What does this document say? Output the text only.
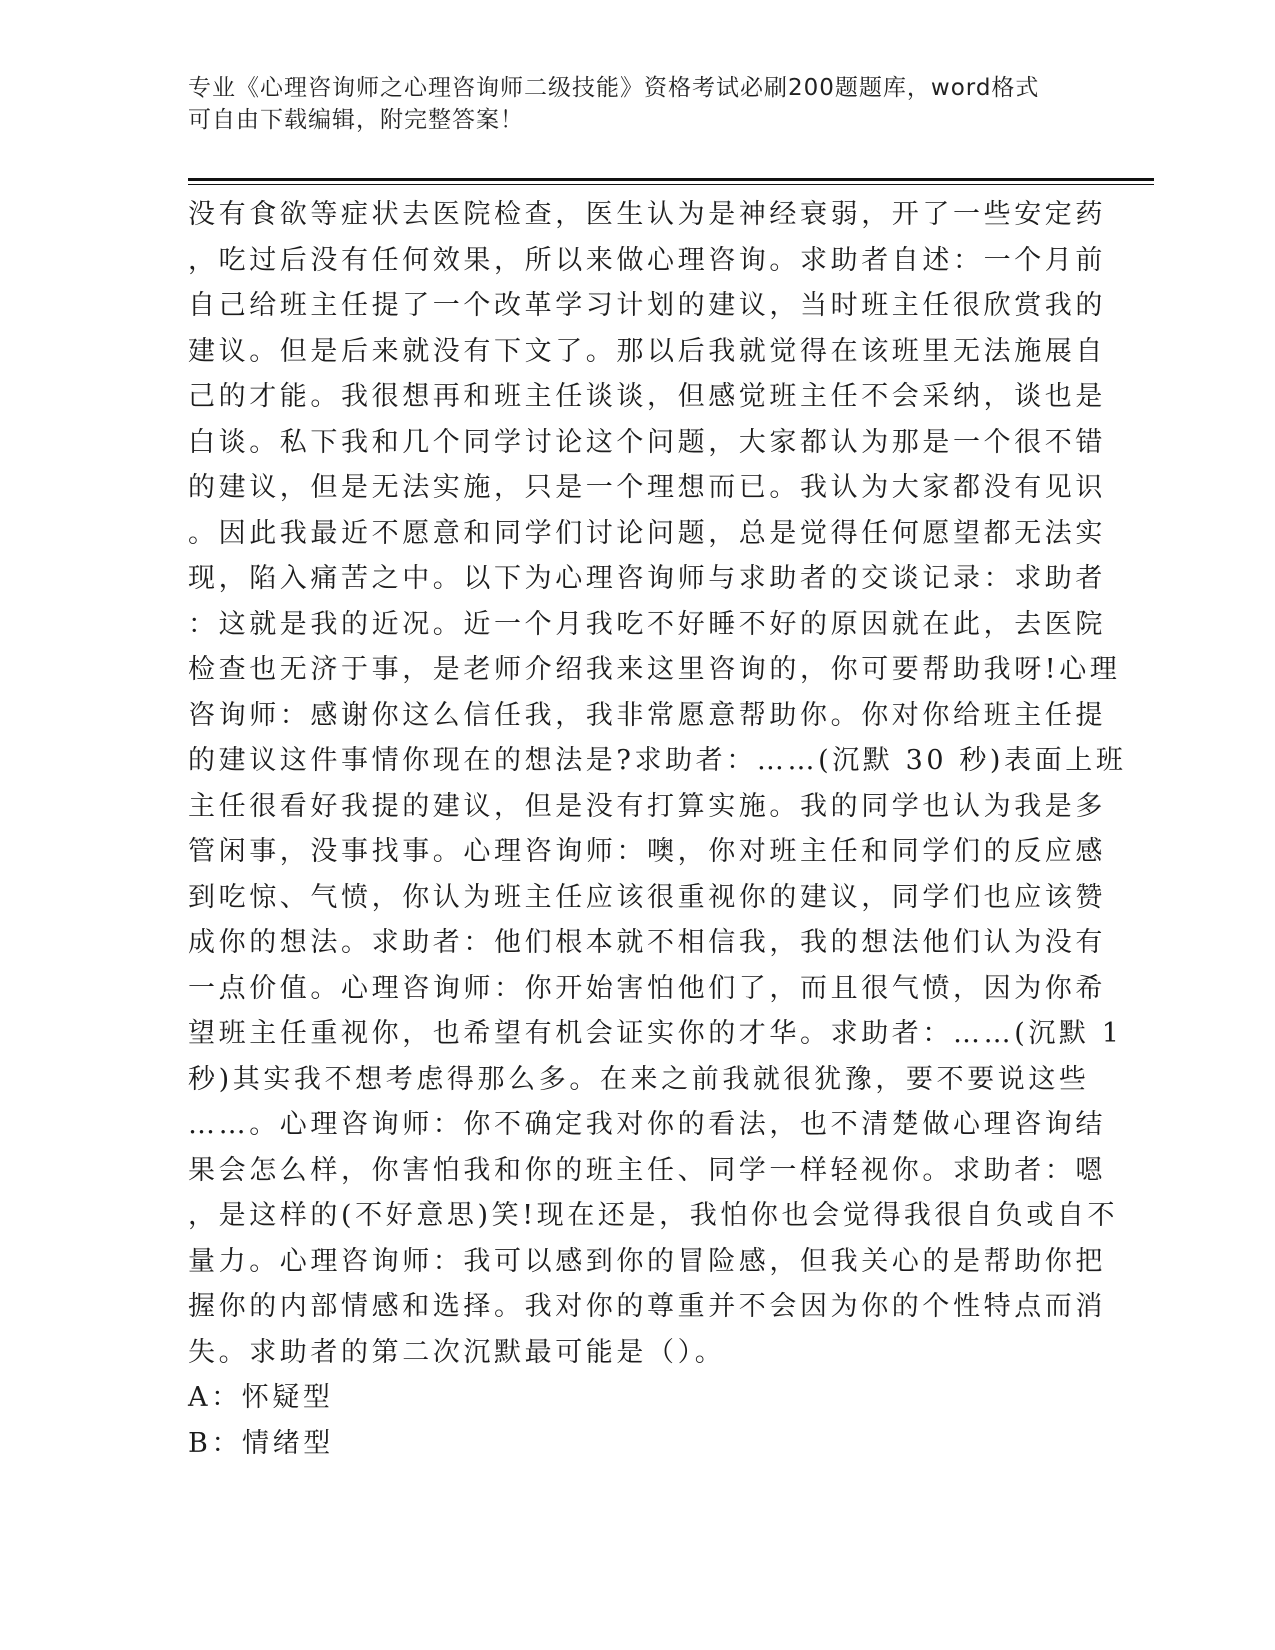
专业《心理咨询师之心理咨询师二级技能》资格考试必刷200题题库，word格式
可自由下载编辑，附完整答案！
没有食欲等症状去医院检查，医生认为是神经衰弱，开了一些安定药
，吃过后没有任何效果，所以来做心理咨询。求助者自述：一个月前
自己给班主任提了一个改革学习计划的建议，当时班主任很欣赏我的
建议。但是后来就没有下文了。那以后我就觉得在该班里无法施展自
己的才能。我很想再和班主任谈谈，但感觉班主任不会采纳，谈也是
白谈。私下我和几个同学讨论这个问题，大家都认为那是一个很不错
的建议，但是无法实施，只是一个理想而已。我认为大家都没有见识
。因此我最近不愿意和同学们讨论问题，总是觉得任何愿望都无法实
现，陷入痛苦之中。以下为心理咨询师与求助者的交谈记录：求助者
：这就是我的近况。近一个月我吃不好睡不好的原因就在此，去医院
检查也无济于事，是老师介绍我来这里咨询的，你可要帮助我呀!心理
咨询师：感谢你这么信任我，我非常愿意帮助你。你对你给班主任提
的建议这件事情你现在的想法是?求助者：……(沉默 30 秒)表面上班
主任很看好我提的建议，但是没有打算实施。我的同学也认为我是多
管闲事，没事找事。心理咨询师：噢，你对班主任和同学们的反应感
到吃惊、气愤，你认为班主任应该很重视你的建议，同学们也应该赞
成你的想法。求助者：他们根本就不相信我，我的想法他们认为没有
一点价值。心理咨询师：你开始害怕他们了，而且很气愤，因为你希
望班主任重视你，也希望有机会证实你的才华。求助者：……(沉默 1
秒)其实我不想考虑得那么多。在来之前我就很犹豫，要不要说这些
……。心理咨询师：你不确定我对你的看法，也不清楚做心理咨询结
果会怎么样，你害怕我和你的班主任、同学一样轻视你。求助者：嗯
，是这样的(不好意思)笑!现在还是，我怕你也会觉得我很自负或自不
量力。心理咨询师：我可以感到你的冒险感，但我关心的是帮助你把
握你的内部情感和选择。我对你的尊重并不会因为你的个性特点而消
失。求助者的第二次沉默最可能是（）。
A：怀疑型
B：情绪型
